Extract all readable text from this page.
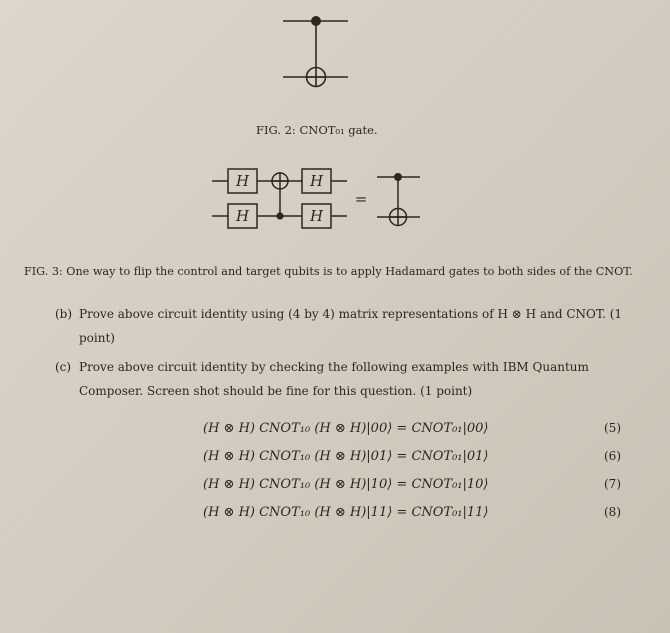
FIG. 2: CNOT₀₁ gate.
H
H
H
H
=
FIG. 3: One way to flip the control and target qubits is to apply Hadamard gates to both sides of the CNOT.
(b) Prove above circuit identity using (4 by 4) matrix representations of H ⊗ H and CNOT. (1 point)
(c) Prove above circuit identity by checking the following examples with IBM Quantum Composer. Screen shot should be fine for this question. (1 point)
(H ⊗ H) CNOT₁₀ (H ⊗ H)|00⟩ = CNOT₀₁|00⟩	(5)
(H ⊗ H) CNOT₁₀ (H ⊗ H)|01⟩ = CNOT₀₁|01⟩	(6)
(H ⊗ H) CNOT₁₀ (H ⊗ H)|10⟩ = CNOT₀₁|10⟩	(7)
(H ⊗ H) CNOT₁₀ (H ⊗ H)|11⟩ = CNOT₀₁|11⟩	(8)
